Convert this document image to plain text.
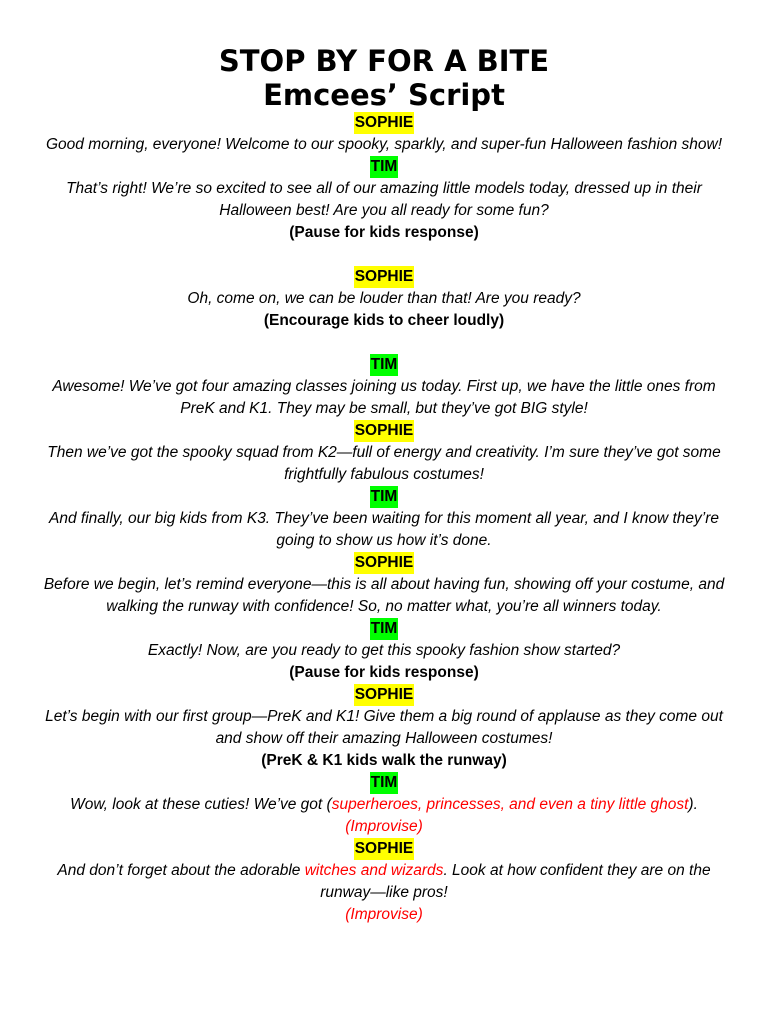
STOP BY FOR A BITE
Emcees’ Script
SOPHIE

Good morning, everyone! Welcome to our spooky, sparkly, and super-fun Halloween fashion show!

TIM

That’s right! We’re so excited to see all of our amazing little models today, dressed up in their Halloween best! Are you all ready for some fun?

(Pause for kids response)

SOPHIE

Oh, come on, we can be louder than that! Are you ready?

(Encourage kids to cheer loudly)

TIM

Awesome! We’ve got four amazing classes joining us today. First up, we have the little ones from PreK and K1. They may be small, but they’ve got BIG style!

SOPHIE

Then we’ve got the spooky squad from K2—full of energy and creativity. I’m sure they’ve got some frightfully fabulous costumes!

TIM

And finally, our big kids from K3. They’ve been waiting for this moment all year, and I know they’re going to show us how it’s done.

SOPHIE

Before we begin, let’s remind everyone—this is all about having fun, showing off your costume, and walking the runway with confidence! So, no matter what, you’re all winners today.

TIM

Exactly! Now, are you ready to get this spooky fashion show started?

(Pause for kids response)

SOPHIE

Let’s begin with our first group—PreK and K1! Give them a big round of applause as they come out and show off their amazing Halloween costumes!

(PreK & K1 kids walk the runway)

TIM

Wow, look at these cuties! We’ve got (superheroes, princesses, and even a tiny little ghost).

(Improvise)

SOPHIE

And don’t forget about the adorable witches and wizards. Look at how confident they are on the runway—like pros!

(Improvise)
